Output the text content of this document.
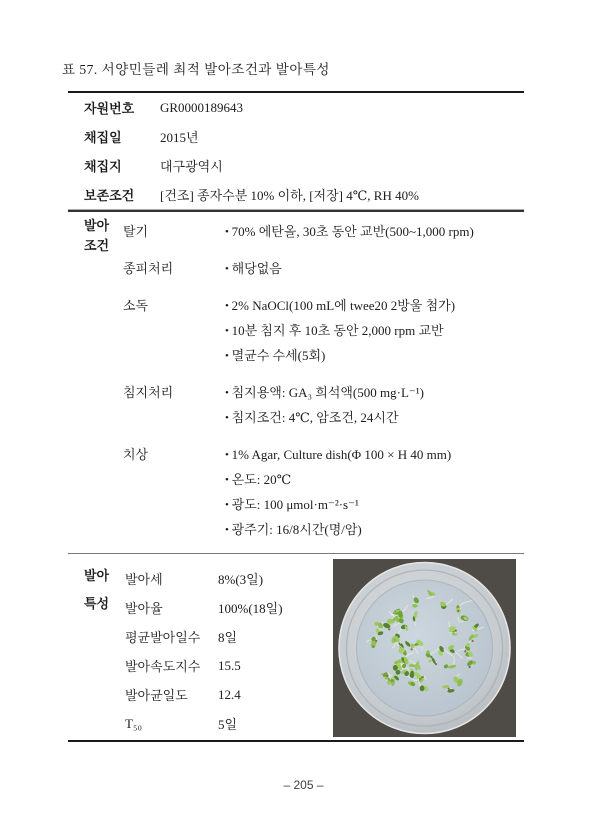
표 57. 서양민들레 최적 발아조건과 발아특성
자원번호	GR0000189643
채집일	2015년
채집지	대구광역시
보존조건	[건조] 종자수분 10% 이하, [저장] 4℃, RH 40%
발아
조건
탈기	• 70% 에탄올, 30초 동안 교반(500~1,000 rpm)
종피처리	• 해당없음
소독	• 2% NaOCl(100 mL에 twee20 2방울 첨가)
• 10분 침지 후 10초 동안 2,000 rpm 교반
• 멸균수 수세(5회)
침지처리	• 침지용액: GA₃ 희석액(500 mg·L⁻¹)
• 침지조건: 4℃, 암조건, 24시간
치상	• 1% Agar, Culture dish(Φ 100 × H 40 mm)
• 온도: 20℃
• 광도: 100 μmol·m⁻²·s⁻¹
• 광주기: 16/8시간(명/암)
발아
특성
발아세	8%(3일)
발아율	100%(18일)
평균발아일수	8일
발아속도지수	15.5
발아균일도	12.4
T₅₀	5일
– 205 –
